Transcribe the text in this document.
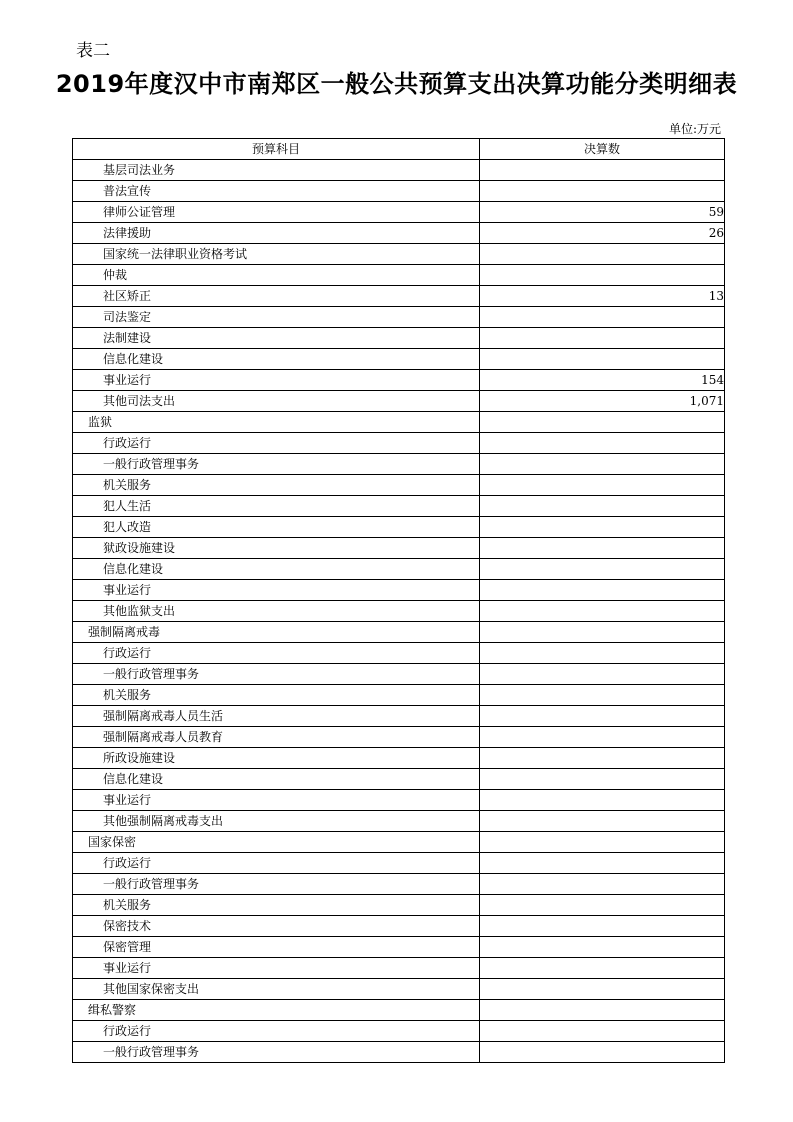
表二
2019年度汉中市南郑区一般公共预算支出决算功能分类明细表
单位:万元
预算科目	决算数
基层司法业务	
普法宣传	
律师公证管理	59
法律援助	26
国家统一法律职业资格考试	
仲裁	
社区矫正	13
司法鉴定	
法制建设	
信息化建设	
事业运行	154
其他司法支出	1,071
监狱	
行政运行	
一般行政管理事务	
机关服务	
犯人生活	
犯人改造	
狱政设施建设	
信息化建设	
事业运行	
其他监狱支出	
强制隔离戒毒	
行政运行	
一般行政管理事务	
机关服务	
强制隔离戒毒人员生活	
强制隔离戒毒人员教育	
所政设施建设	
信息化建设	
事业运行	
其他强制隔离戒毒支出	
国家保密	
行政运行	
一般行政管理事务	
机关服务	
保密技术	
保密管理	
事业运行	
其他国家保密支出	
缉私警察	
行政运行	
一般行政管理事务	
